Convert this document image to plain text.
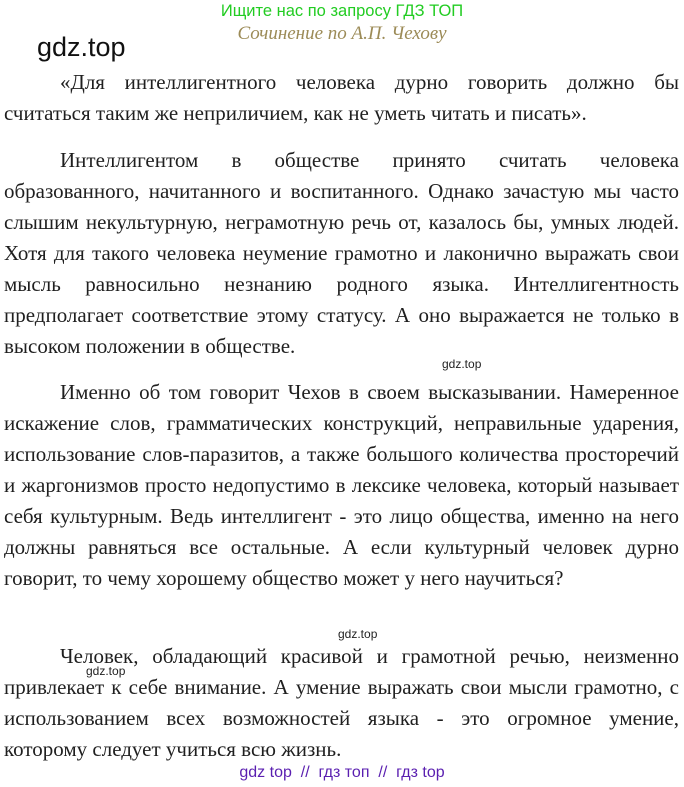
Ищите нас по запросу ГДЗ ТОП
Сочинение по А.П. Чехову
gdz.top

«Для интеллигентного человека дурно говорить должно бы считаться таким же неприличием, как не уметь читать и писать».

Интеллигентом в обществе принято считать человека образованного, начитанного и воспитанного. Однако зачастую мы часто слышим некультурную, неграмотную речь от, казалось бы, умных людей. Хотя для такого человека неумение грамотно и лаконично выражать свои мысль равносильно незнанию родного языка. Интеллигентность предполагает соответствие этому статусу. А оно выражается не только в высоком положении в обществе.

Именно об том говорит Чехов в своем высказывании. Намеренное искажение слов, грамматических конструкций, неправильные ударения, использование слов-паразитов, а также большого количества просторечий и жаргонизмов просто недопустимо в лексике человека, который называет себя культурным. Ведь интеллигент - это лицо общества, именно на него должны равняться все остальные. А если культурный человек дурно говорит, то чему хорошему общество может у него научиться?

Человек, обладающий красивой и грамотной речью, неизменно привлекает к себе внимание. А умение выражать свои мысли грамотно, с использованием всех возможностей языка - это огромное умение, которому следует учиться всю жизнь.

gdz.top
gdz.top
gdz.top
gdz top  //  гдз топ  //  гдз top
